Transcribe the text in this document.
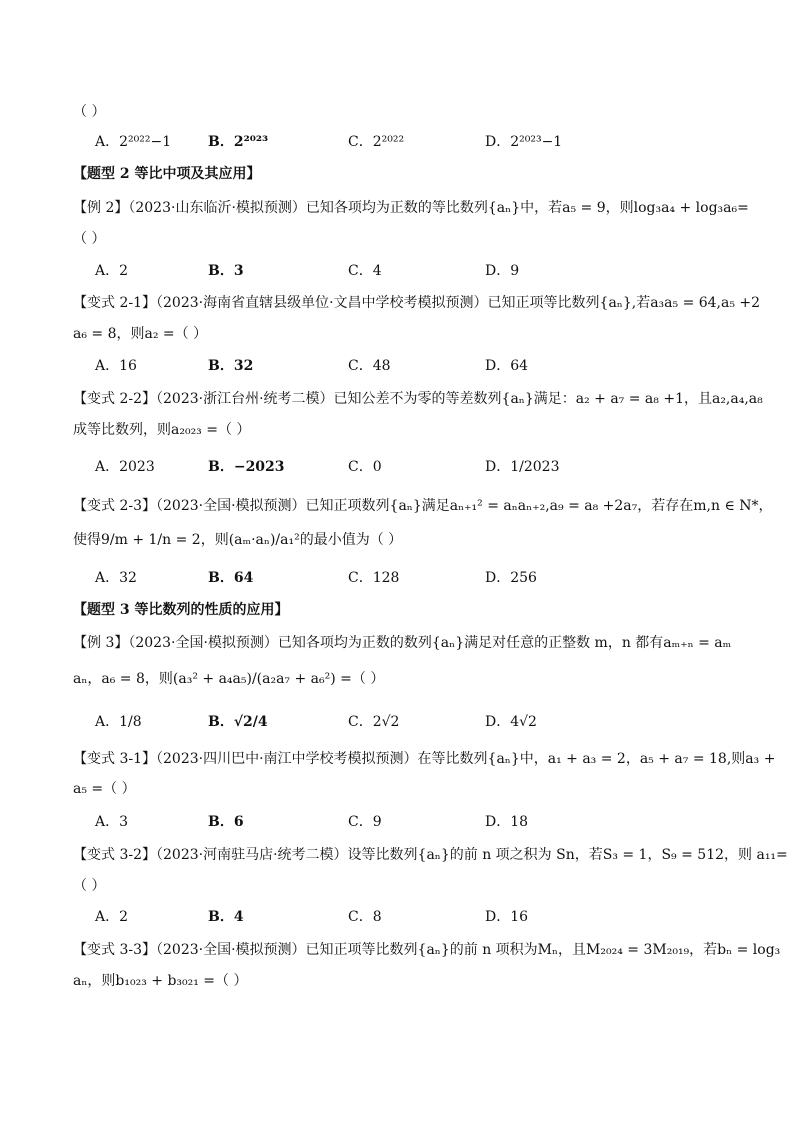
（ ）
A．2²⁰²²−1	B．2²⁰²³	C．2²⁰²²	D．2²⁰²³−1
【题型 2 等比中项及其应用】
【例 2】（2023·山东临沂·模拟预测）已知各项均为正数的等比数列{aₙ}中，若a₅ = 9，则log₃a₄ + log₃a₆=
（ ）
A．2	B．3	C．4	D．9
【变式 2-1】（2023·海南省直辖县级单位·文昌中学校考模拟预测）已知正项等比数列{aₙ},若a₃a₅ = 64,a₅ +2
a₆ = 8，则a₂ =（ ）
A．16	B．32	C．48	D．64
【变式 2-2】（2023·浙江台州·统考二模）已知公差不为零的等差数列{aₙ}满足：a₂ + a₇ = a₈ +1，且a₂,a₄,a₈
成等比数列，则a₂₀₂₃ =（ ）
A．2023	B．−2023	C．0	D．1/2023
【变式 2-3】（2023·全国·模拟预测）已知正项数列{aₙ}满足aₙ₊₁² = aₙaₙ₊₂,a₉ = a₈ +2a₇，若存在m,n ∈ N*，
使得9/m + 1/n = 2，则(aₘ·aₙ)/a₁²的最小值为（ ）
A．32	B．64	C．128	D．256
【题型 3 等比数列的性质的应用】
【例 3】（2023·全国·模拟预测）已知各项均为正数的数列{aₙ}满足对任意的正整数 m，n 都有aₘ₊ₙ = aₘ
aₙ，a₆ = 8，则(a₃² + a₄a₅)/(a₂a₇ + a₆²) =（ ）
A．1/8	B．√2/4	C．2√2	D．4√2
【变式 3-1】（2023·四川巴中·南江中学校考模拟预测）在等比数列{aₙ}中，a₁ + a₃ = 2，a₅ + a₇ = 18,则a₃ +
a₅ =（ ）
A．3	B．6	C．9	D．18
【变式 3-2】（2023·河南驻马店·统考二模）设等比数列{aₙ}的前 n 项之积为 Sn，若S₃ = 1，S₉ = 512，则 a₁₁=
（ ）
A．2	B．4	C．8	D．16
【变式 3-3】（2023·全国·模拟预测）已知正项等比数列{aₙ}的前 n 项积为Mₙ，且M₂₀₂₄ = 3M₂₀₁₉，若bₙ = log₃
aₙ，则b₁₀₂₃ + b₃₀₂₁ =（ ）
